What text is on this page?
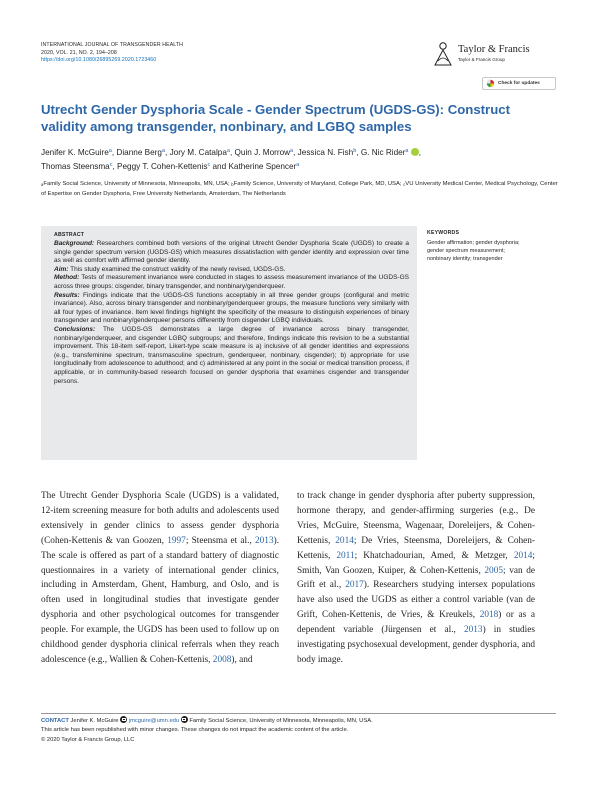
INTERNATIONAL JOURNAL OF TRANSGENDER HEALTH
2020, VOL. 21, NO. 2, 194–208
https://doi.org/10.1080/26895269.2020.1723460
Taylor & Francis
Taylor & Francis Group
Check for updates
Utrecht Gender Dysphoria Scale - Gender Spectrum (UGDS-GS): Construct validity among transgender, nonbinary, and LGBQ samples
Jenifer K. McGuire$^a$, Dianne Berg$^a$, Jory M. Catalpa$^a$, Quin J. Morrow$^a$, Jessica N. Fish$^b$, G. Nic Rider$^a$ iD ,
Thomas Steensma$^c$, Peggy T. Cohen-Kettenis$^c$ and Katherine Spencer$^a$
$^a$Family Social Science, University of Minnesota, Minneapolis, MN, USA; $^b$Family Science, University of Maryland, College Park, MD, USA; $^c$VU University Medical Center, Medical Psychology, Center of Expertise on Gender Dysphoria, Free University Netherlands, Amsterdam, The Netherlands
ABSTRACT

Background: Researchers combined both versions of the original Utrecht Gender Dysphoria Scale (UGDS) to create a single gender spectrum version (UGDS-GS) which measures dissatisfaction with gender identity and expression over time as well as comfort with affirmed gender identity.

Aim: This study examined the construct validity of the newly revised, UGDS-GS.

Method: Tests of measurement invariance were conducted in stages to assess measurement invariance of the UGDS-GS across three groups: cisgender, binary transgender, and nonbinary/genderqueer.

Results: Findings indicate that the UGDS-GS functions acceptably in all three gender groups (configural and metric invariance). Also, across binary transgender and nonbinary/genderqueer groups, the measure functions very similarly with all four types of invariance. Item level findings highlight the specificity of the measure to distinguish experiences of binary transgender and nonbinary/genderqueer persons differently from cisgender LGBQ individuals.

Conclusions: The UGDS-GS demonstrates a large degree of invariance across binary transgender, nonbinary/genderqueer, and cisgender LGBQ subgroups; and therefore, findings indicate this revision to be a substantial improvement. This 18-item self-report, Likert-type scale measure is a) inclusive of all gender identities and expressions (e.g., transfeminine spectrum, transmasculine spectrum, genderqueer, nonbinary, cisgender); b) appropriate for use longitudinally from adolescence to adulthood; and c) administered at any point in the social or medical transition process, if applicable, or in community-based research focused on gender dysphoria that examines cisgender and transgender persons.

KEYWORDS
Gender affirmation; gender dysphoria; gender spectrum measurement; nonbinary identity; transgender
The Utrecht Gender Dysphoria Scale (UGDS) is a validated, 12-item screening measure for both adults and adolescents used extensively in gender clinics to assess gender dysphoria (Cohen-Kettenis & van Goozen, 1997; Steensma et al., 2013). The scale is offered as part of a standard battery of diagnostic questionnaires in a variety of international gender clinics, including in Amsterdam, Ghent, Hamburg, and Oslo, and is often used in longitudinal studies that investigate gender dysphoria and other psychological outcomes for transgender people. For example, the UGDS has been used to follow up on childhood gender dysphoria clinical referrals when they reach adolescence (e.g., Wallien & Cohen-Kettenis, 2008), and
to track change in gender dysphoria after puberty suppression, hormone therapy, and gender-affirming surgeries (e.g., De Vries, McGuire, Steensma, Wagenaar, Doreleijers, & Cohen-Kettenis, 2014; De Vries, Steensma, Doreleijers, & Cohen-Kettenis, 2011; Khatchadourian, Amed, & Metzger, 2014; Smith, Van Goozen, Kuiper, & Cohen-Kettenis, 2005; van de Grift et al., 2017). Researchers studying intersex populations have also used the UGDS as either a control variable (van de Grift, Cohen-Kettenis, de Vries, & Kreukels, 2018) or as a dependent variable (Jürgensen et al., 2013) in studies investigating psychosexual development, gender dysphoria, and body image.
CONTACT Jenifer K. McGuire jmcguire@umn.edu Family Social Science, University of Minnesota, Minneapolis, MN, USA.
This article has been republished with minor changes. These changes do not impact the academic content of the article.
© 2020 Taylor & Francis Group, LLC
